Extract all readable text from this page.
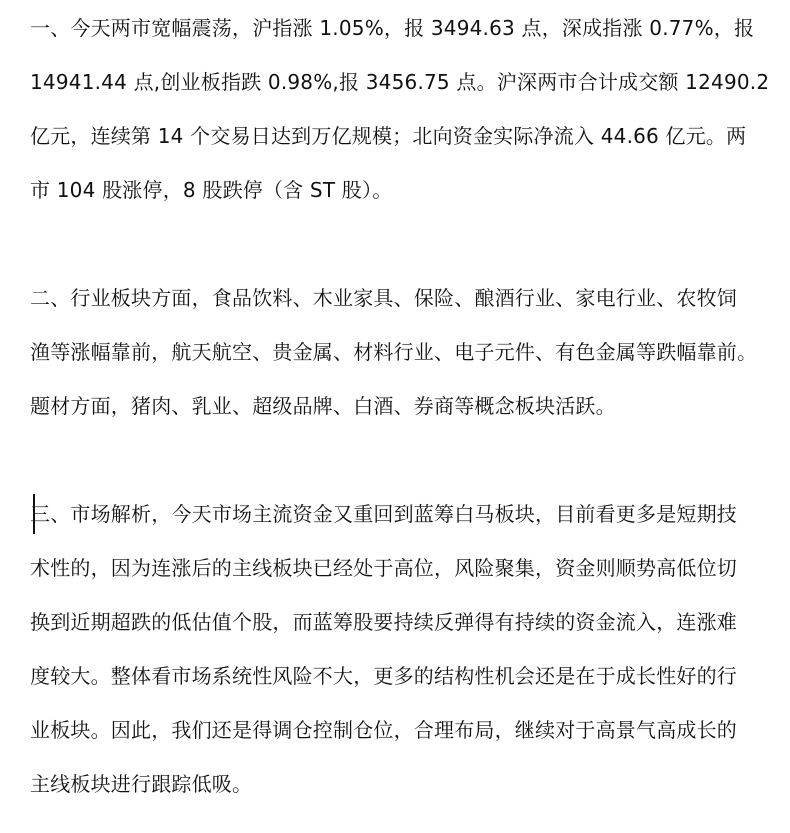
一、今天两市宽幅震荡，沪指涨 1.05%，报 3494.63 点，深成指涨 0.77%，报
14941.44 点,创业板指跌 0.98%,报 3456.75 点。沪深两市合计成交额 12490.2
亿元，连续第 14 个交易日达到万亿规模；北向资金实际净流入 44.66 亿元。两
市 104 股涨停，8 股跌停（含 ST 股）。
二、行业板块方面，食品饮料、木业家具、保险、酿酒行业、家电行业、农牧饲
渔等涨幅靠前，航天航空、贵金属、材料行业、电子元件、有色金属等跌幅靠前。
题材方面，猪肉、乳业、超级品牌、白酒、券商等概念板块活跃。
三、市场解析，今天市场主流资金又重回到蓝筹白马板块，目前看更多是短期技
术性的，因为连涨后的主线板块已经处于高位，风险聚集，资金则顺势高低位切
换到近期超跌的低估值个股，而蓝筹股要持续反弹得有持续的资金流入，连涨难
度较大。整体看市场系统性风险不大，更多的结构性机会还是在于成长性好的行
业板块。因此，我们还是得调仓控制仓位，合理布局，继续对于高景气高成长的
主线板块进行跟踪低吸。
